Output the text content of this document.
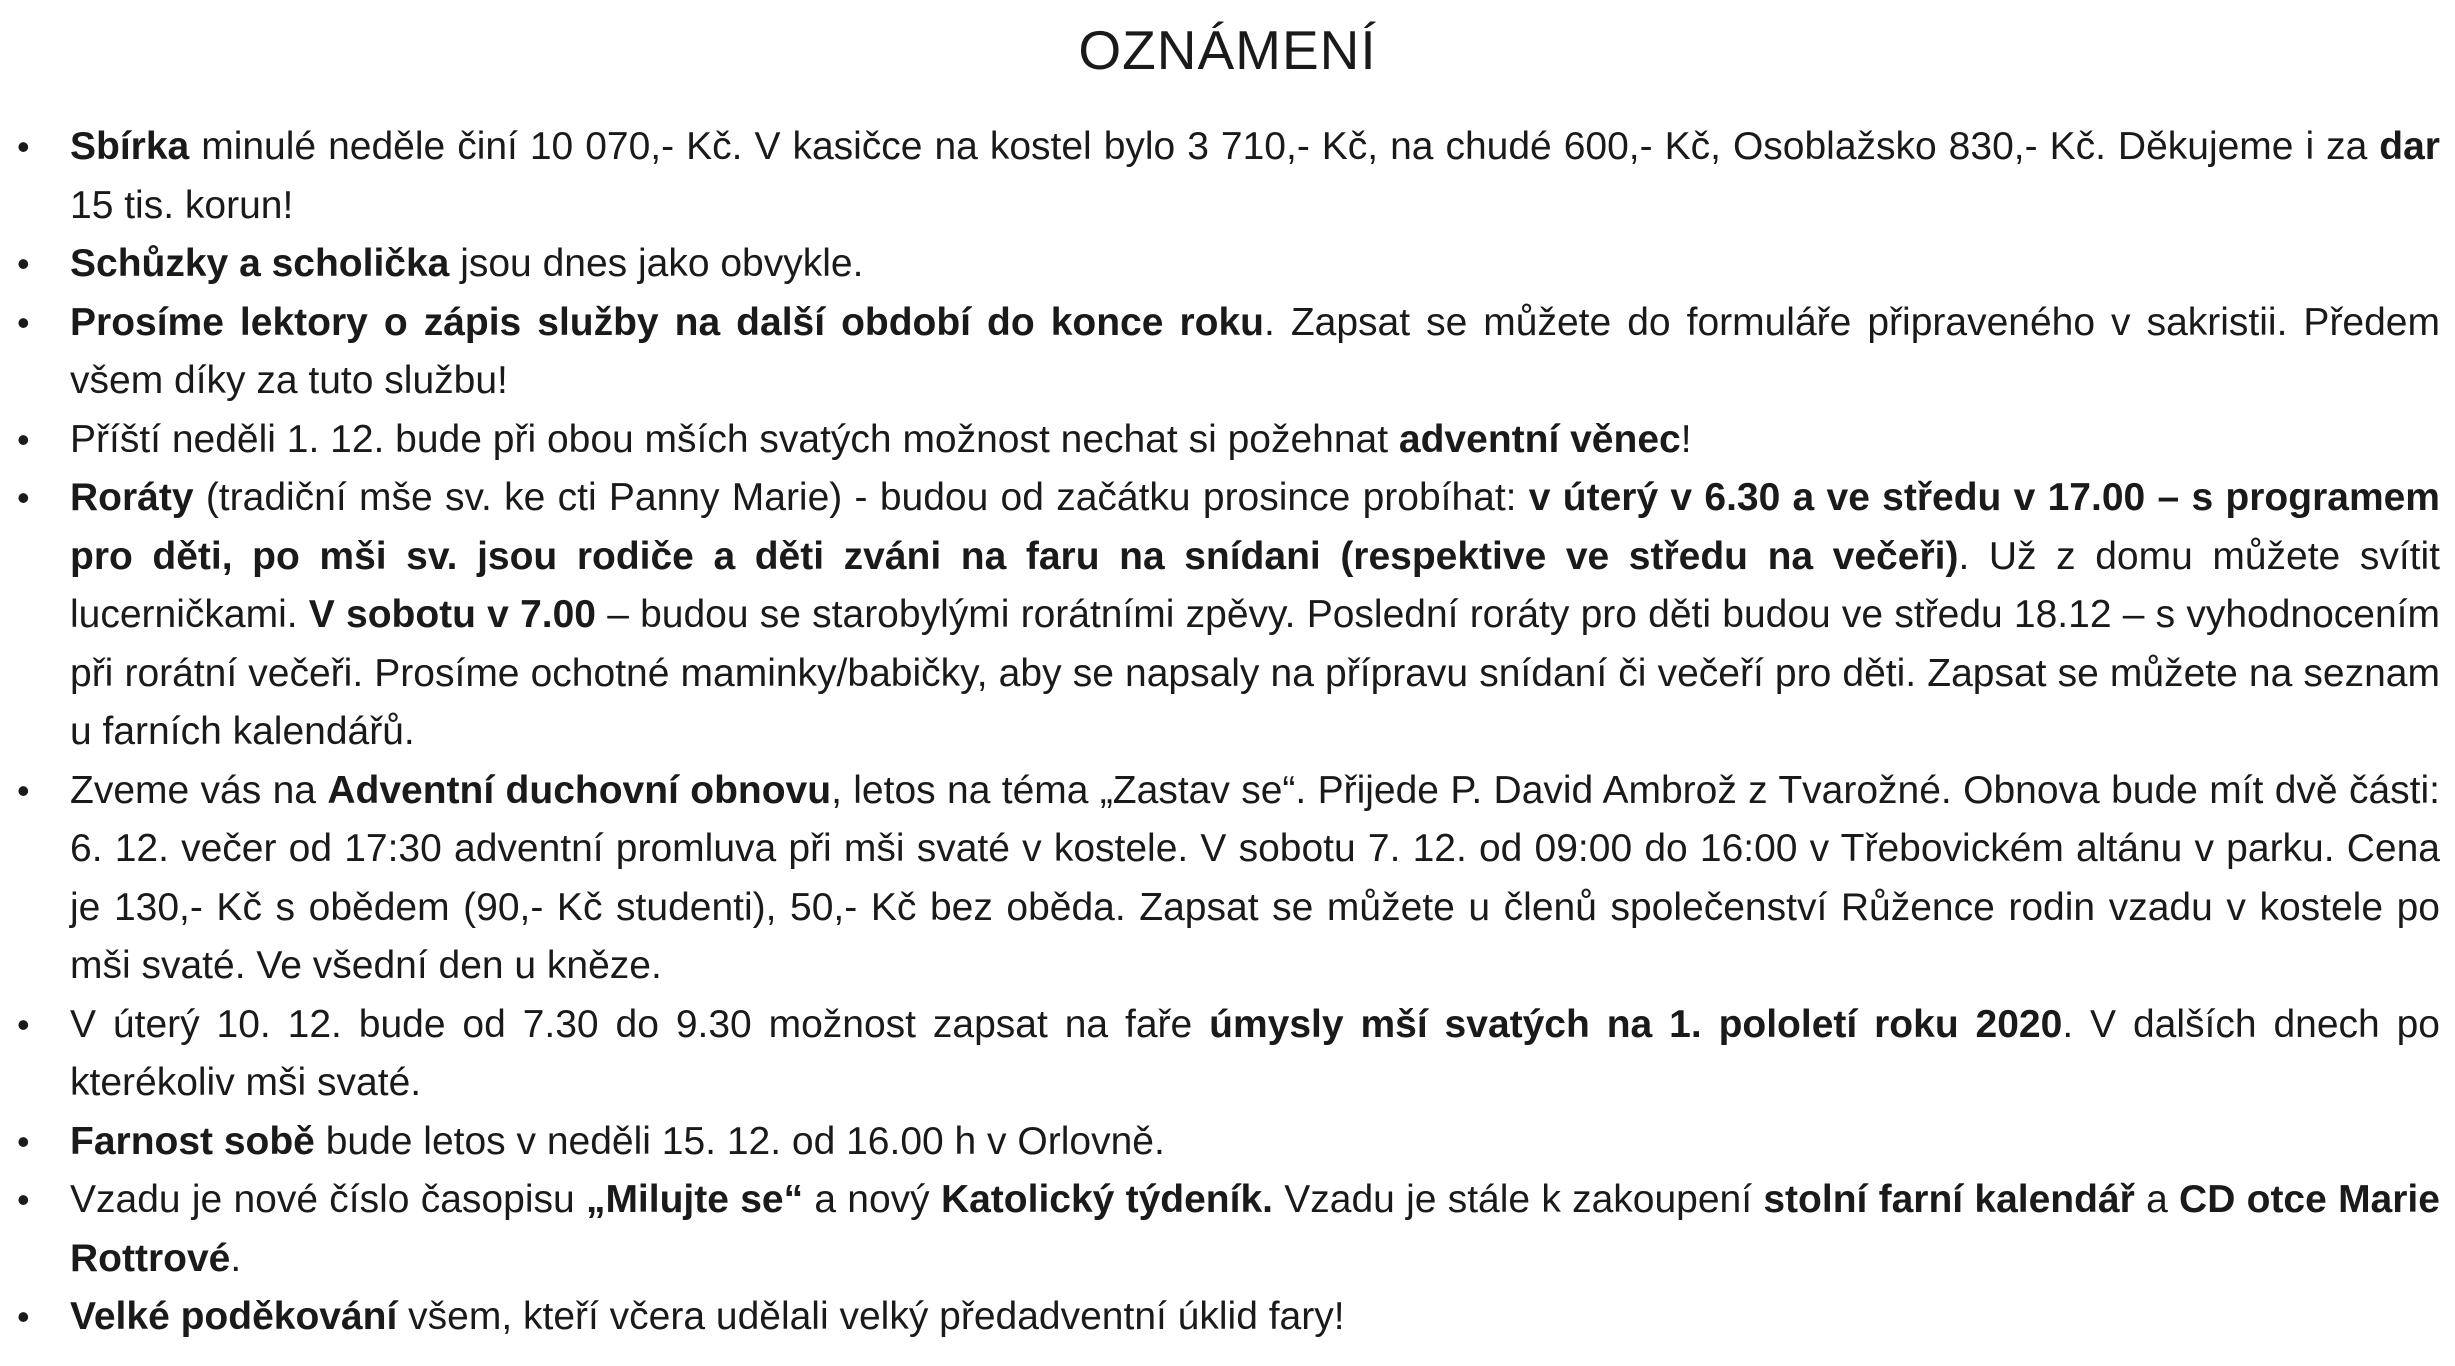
OZNÁMENÍ
•	Sbírka minulé neděle činí 10 070,- Kč. V kasičce na kostel bylo 3 710,- Kč, na chudé 600,- Kč, Osoblažsko 830,- Kč. Děkujeme i za dar 15 tis. korun!
•	Schůzky a scholička jsou dnes jako obvykle.
•	Prosíme lektory o zápis služby na další období do konce roku. Zapsat se můžete do formuláře připraveného v sakristii. Předem všem díky za tuto službu!
•	Příští neděli 1. 12. bude při obou mších svatých možnost nechat si požehnat adventní věnec!
•	Roráty (tradiční mše sv. ke cti Panny Marie) - budou od začátku prosince probíhat: v úterý v 6.30 a ve středu v 17.00 – s programem pro děti, po mši sv. jsou rodiče a děti zváni na faru na snídani (respektive ve středu na večeři). Už z domu můžete svítit lucerničkami. V sobotu v 7.00 – budou se starobylými rorátními zpěvy. Poslední roráty pro děti budou ve středu 18.12 – s vyhodnocením při rorátní večeři. Prosíme ochotné maminky/babičky, aby se napsaly na přípravu snídaní či večeří pro děti. Zapsat se můžete na seznam u farních kalendářů.
•	Zveme vás na Adventní duchovní obnovu, letos na téma „Zastav se“. Přijede P. David Ambrož z Tvarožné. Obnova bude mít dvě části: 6. 12. večer od 17:30 adventní promluva při mši svaté v kostele. V sobotu 7. 12. od 09:00 do 16:00 v Třebovickém altánu v parku. Cena je 130,- Kč s obědem (90,- Kč studenti), 50,- Kč bez oběda. Zapsat se můžete u členů společenství Růžence rodin vzadu v kostele po mši svaté. Ve všední den u kněze.
•	V úterý 10. 12. bude od 7.30 do 9.30 možnost zapsat na faře úmysly mší svatých na 1. pololetí roku 2020. V dalších dnech po kterékoliv mši svaté.
•	Farnost sobě bude letos v neděli 15. 12. od 16.00 h v Orlovně.
•	Vzadu je nové číslo časopisu „Milujte se“ a nový Katolický týdeník. Vzadu je stále k zakoupení stolní farní kalendář a CD otce Marie Rottrové.
•	Velké poděkování všem, kteří včera udělali velký předadventní úklid fary!
